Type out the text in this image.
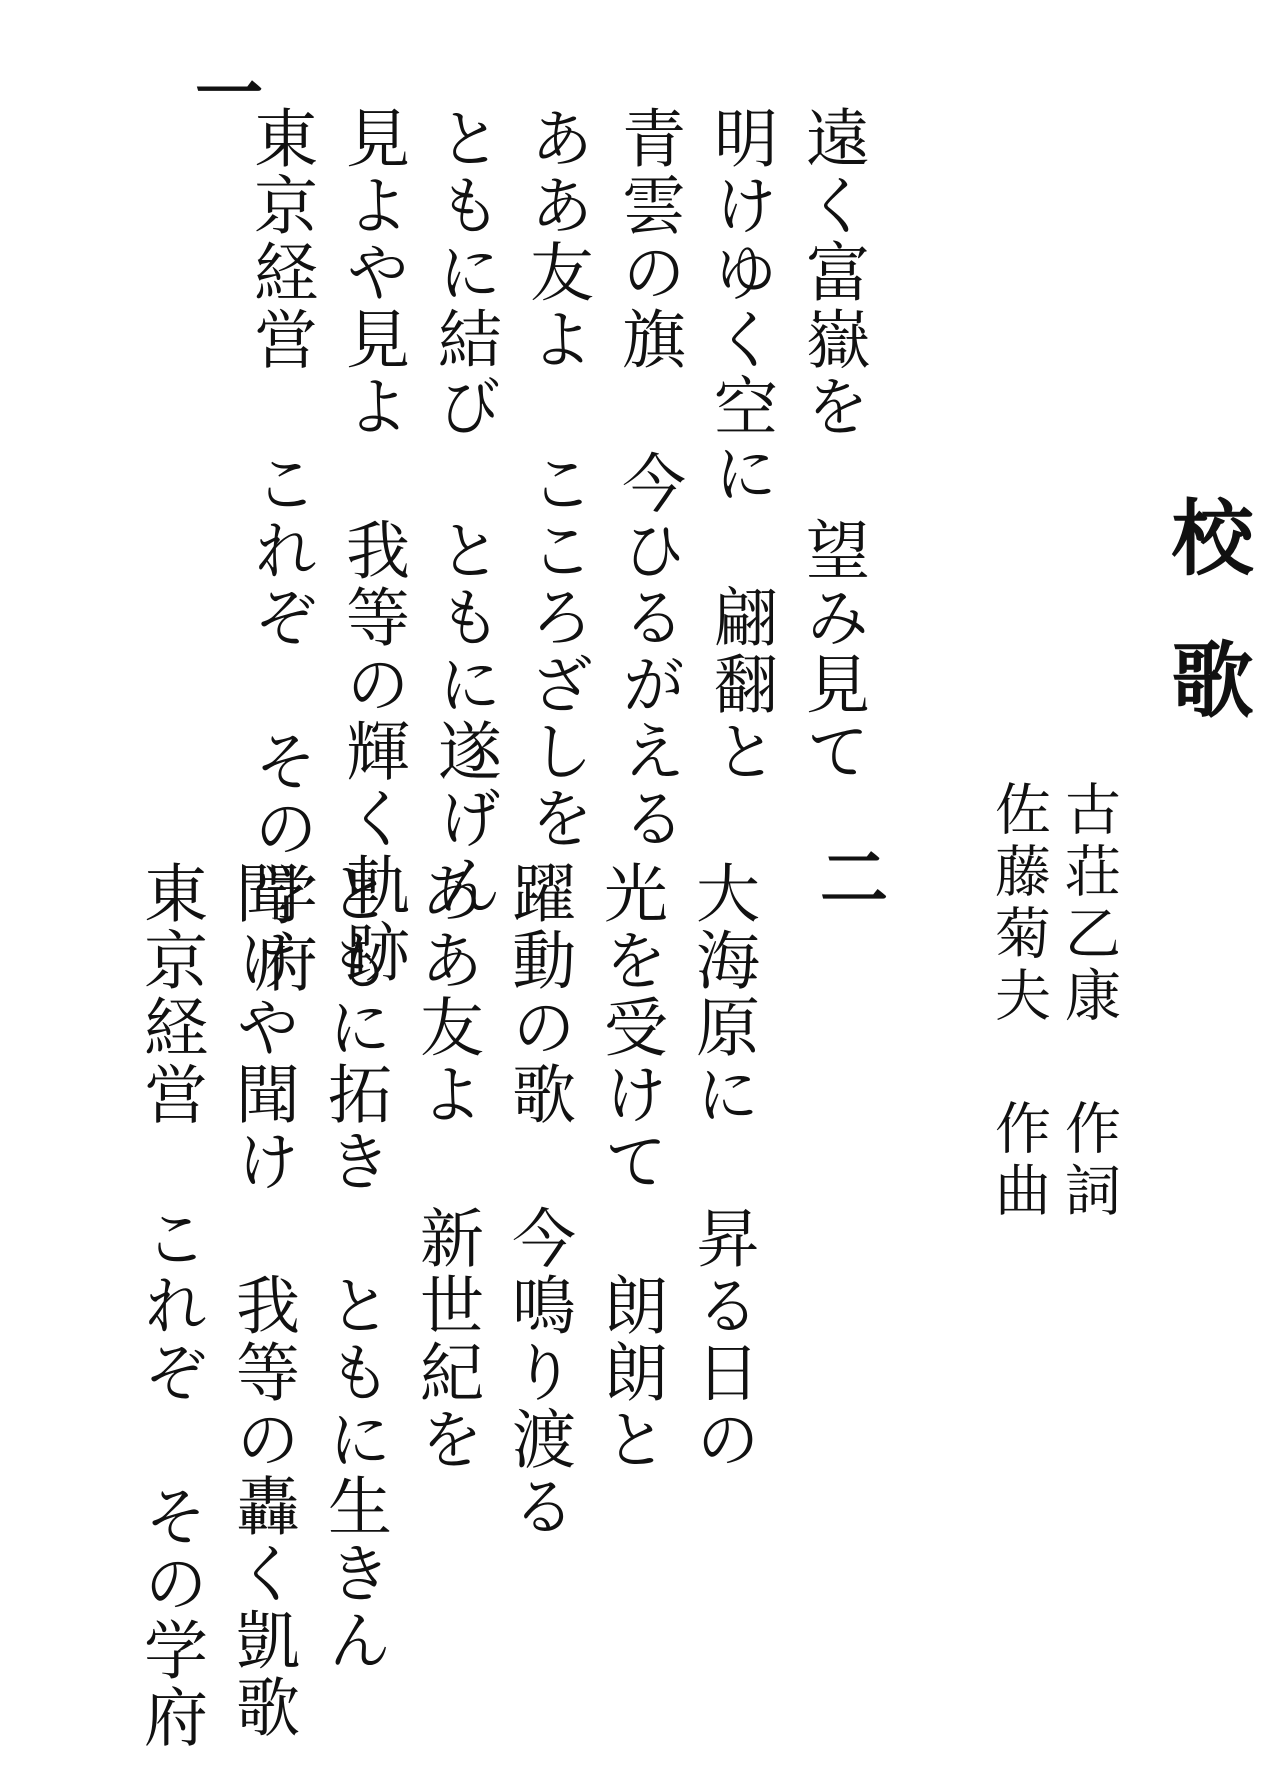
校歌
古荘乙康 作詞
佐藤菊夫 作曲
一
遠く富嶽を 望み見て
明けゆく空に 翩翻と
青雲の旗 今ひるがえる
ああ友よ こころざしを
ともに結び ともに遂げん
見よや見よ 我等の輝く軌跡
東京経営 これぞ その学府	二
大海原に 昇る日の
光を受けて 朗朗と
躍動の歌 今鳴り渡る
ああ友よ 新世紀を
ともに拓き ともに生きん
聞けや聞け 我等の轟く凱歌
東京経営 これぞ その学府
